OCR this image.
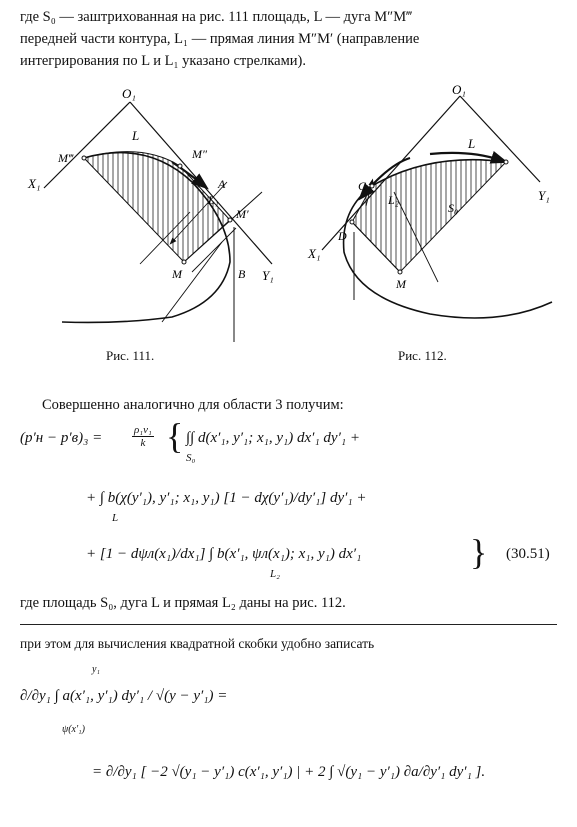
где S₀ — заштрихованная на рис. 111 площадь, L — дуга M″M‴
передней части контура, L₁ — прямая линия M″M′ (направление
интегрирования по L и L₁ указано стрелками).
O₁
L
M‴	M″
X₁	A
L₁
M′
M	Y₁
B
Рис. 111.
O₁
L
C
L₂
S₀
Y₁
D
X₁
M
Рис. 112.
Совершенно аналогично для области 3 получим:
(p′н − p′в)₃ =	$\frac{\text{ρ₁v₁}}{k}$ { ∫∫ d(x′₁, y′₁; x₁, y₁) dx′₁ dy′₁ +
S₀
+ ∫ b(χ(y′₁), y′₁; x₁, y₁) [1 − dχ(y′₁)/dy′₁] dy′₁ +
L
+ [1 − dψл(x₁)/dx₁] ∫ b(x′₁, ψл(x₁); x₁, y₁) dx′₁
L₂
} (30.51)
где площадь S₀, дуга L и прямая L₂ даны на рис. 112.
при этом для вычисления квадратной скобки удобно записать
y₁
∂/∂y₁ ∫ a(x′₁, y′₁) dy′₁ / √(y − y′₁) =
ψ(x′₁)
= ∂/∂y₁ [ −2 √(y₁ − y′₁) c(x′₁, y′₁) | + 2 ∫ √(y₁ − y′₁) ∂a/∂y′₁ dy′₁ ].
